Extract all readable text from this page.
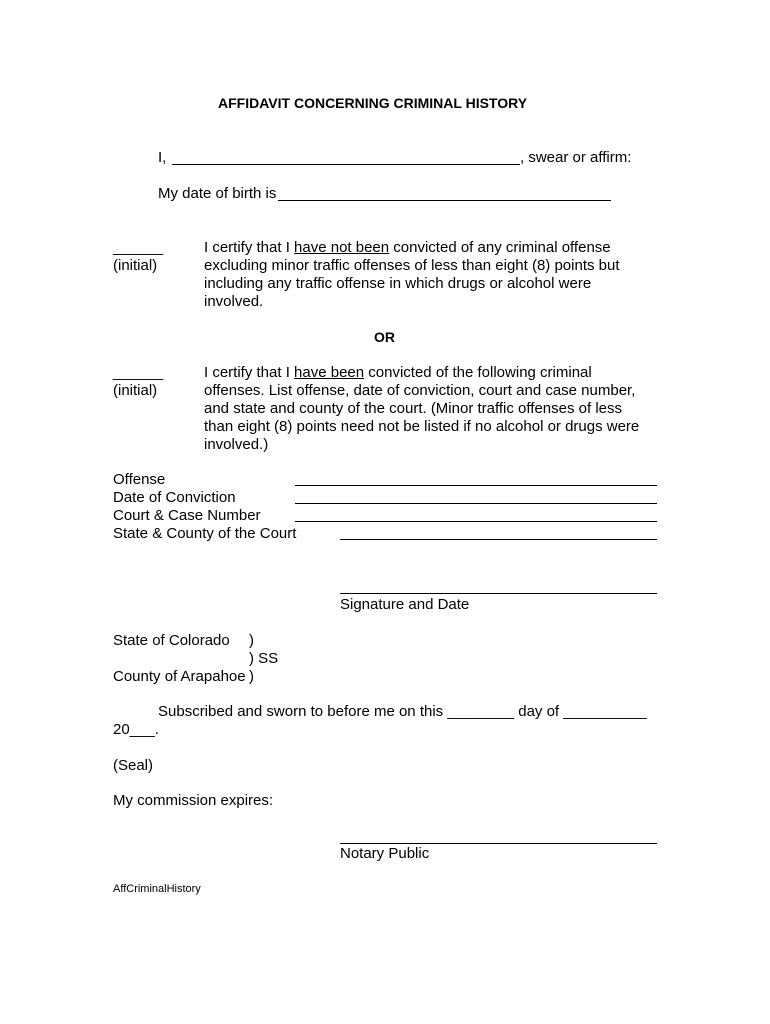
AFFIDAVIT CONCERNING CRIMINAL HISTORY
I,	, swear or affirm:
My date of birth is
______
(initial)
I certify that I have not been convicted of any criminal offense
excluding minor traffic offenses of less than eight (8) points but
including any traffic offense in which drugs or alcohol were
involved.
OR
______
(initial)
I certify that I have been convicted of the following criminal
offenses. List offense, date of conviction, court and case number,
and state and county of the court. (Minor traffic offenses of less
than eight (8) points need not be listed if no alcohol or drugs were
involved.)
Offense
Date of Conviction
Court & Case Number
State & County of the Court
Signature and Date
State of Colorado )
) SS
County of Arapahoe )
Subscribed and sworn to before me on this ________ day of __________
20___.
(Seal)
My commission expires:
Notary Public
AffCriminalHistory
